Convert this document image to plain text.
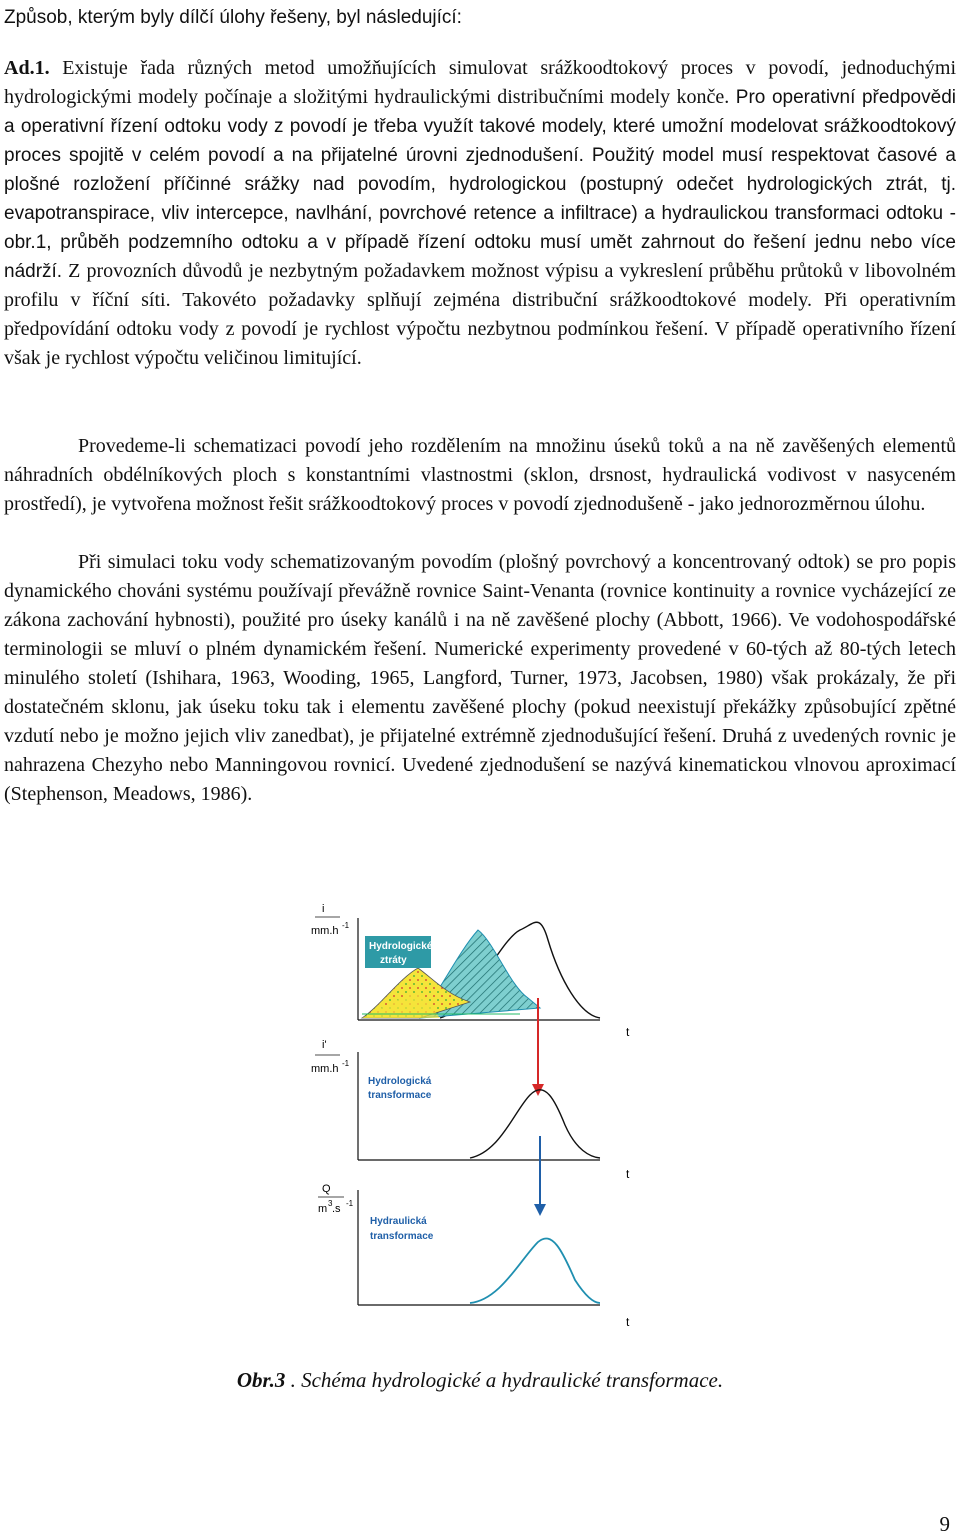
Způsob, kterým byly dílčí úlohy řešeny, byl následující:
Ad.1. Existuje řada různých metod umožňujících simulovat srážkoodtokový proces v povodí, jednoduchými hydrologickými modely počínaje a složitými hydraulickými distribučními modely konče. Pro operativní předpovědi a operativní řízení odtoku vody z povodí je třeba využít takové modely, které umožní modelovat srážkoodtokový proces spojitě v celém povodí a na přijatelné úrovni zjednodušení. Použitý model musí respektovat časové a plošné rozložení příčinné srážky nad povodím, hydrologickou (postupný odečet hydrologických ztrát, tj. evapotranspirace, vliv intercepce, navlhání, povrchové retence a infiltrace) a hydraulickou transformaci odtoku - obr.1, průběh podzemního odtoku a v případě řízení odtoku musí umět zahrnout do řešení jednu nebo více nádrží. Z provozních důvodů je nezbytným požadavkem možnost výpisu a vykreslení průběhu průtoků v libovolném profilu v říční síti. Takovéto požadavky splňují zejména distribuční srážkoodtokové modely. Při operativním předpovídání odtoku vody z povodí je rychlost výpočtu nezbytnou podmínkou řešení. V případě operativního řízení však je rychlost výpočtu veličinou limitující.
Provedeme-li schematizaci povodí jeho rozdělením na množinu úseků toků a na ně zavěšených elementů náhradních obdélníkových ploch s konstantními vlastnostmi (sklon, drsnost, hydraulická vodivost v nasyceném prostředí), je vytvořena možnost řešit srážkoodtokový proces v povodí zjednodušeně - jako jednorozměrnou úlohu.
Při simulaci toku vody schematizovaným povodím (plošný povrchový a koncentrovaný odtok) se pro popis dynamického chováni systému používají převážně rovnice Saint-Venanta (rovnice kontinuity a rovnice vycházející ze zákona zachování hybnosti), použité pro úseky kanálů i na ně zavěšené plochy (Abbott, 1966). Ve vodohospodářské terminologii se mluví o plném dynamickém řešení. Numerické experimenty provedené v 60-tých až 80-tých letech minulého století (Ishihara, 1963, Wooding, 1965, Langford, Turner, 1973, Jacobsen, 1980) však prokázaly, že při dostatečném sklonu, jak úseku toku tak i elementu zavěšené plochy (pokud neexistují překážky způsobující zpětné vzdutí nebo je možno jejich vliv zanedbat), je přijatelné extrémně zjednodušující řešení. Druhá z uvedených rovnic je nahrazena Chezyho nebo Manningovou rovnicí. Uvedené zjednodušení se nazývá kinematickou vlnovou aproximací (Stephenson, Meadows, 1986).
i
mm.h -1
t
Hydrologické
ztráty
i'
mm.h -1
t
Hydrologická
transformace
Q
m 3 .s -1
t
Hydraulická
transformace
Obr.3 . Schéma hydrologické a hydraulické transformace.
9
